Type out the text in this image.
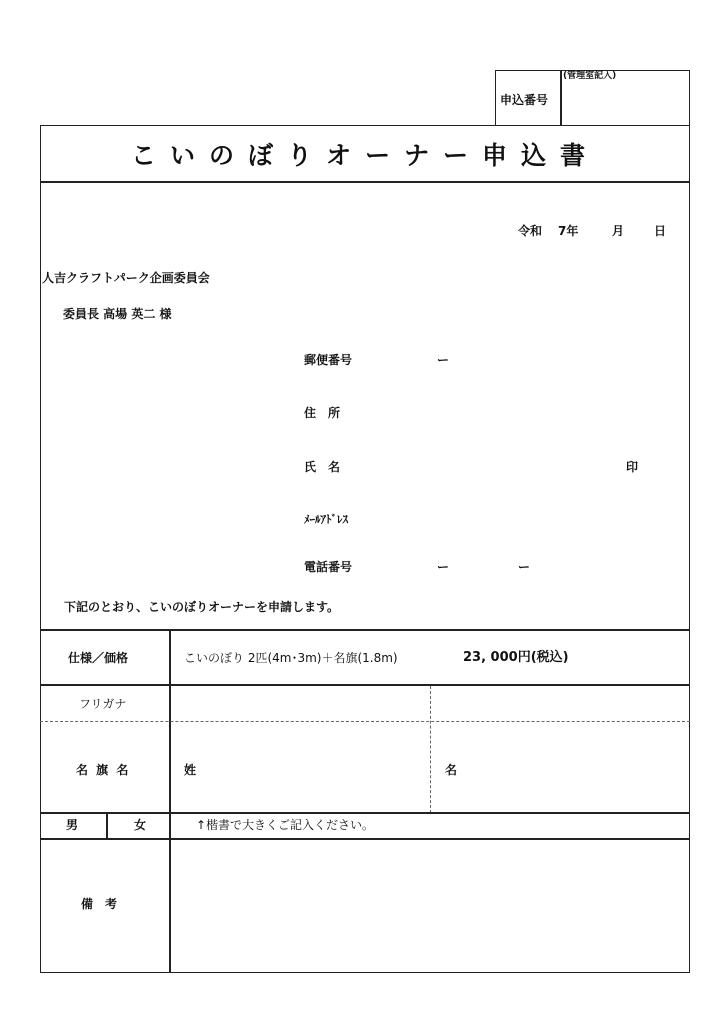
申込番号
(管理室記入)
こいのぼりオーナー申込書
令和 7年	月 日
人吉クラフトパーク企画委員会
委員長 高場 英二 様
郵便番号	ー
住　所
氏　名	印
ﾒｰﾙｱﾄﾞﾚｽ
電話番号	ー	ー
下記のとおり、こいのぼりオーナーを申請します。
仕様／価格	こいのぼり 2匹(4m･3m)＋名旗(1.8m)	23, 000円(税込)
フリガナ
名 旗 名	姓	名
男	女	↑楷書で大きくご記入ください。
備　考
